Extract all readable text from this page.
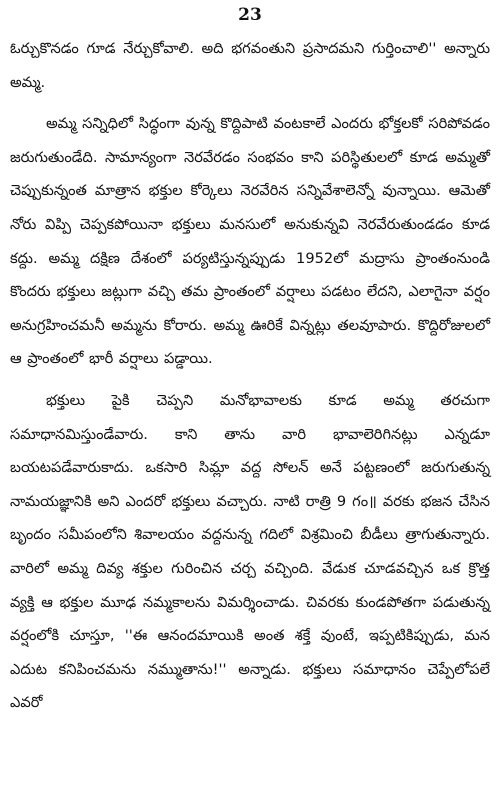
23

ఓర్చుకొనడం గూడ నేర్చుకోవాలి. అది భగవంతుని ప్రసాదమని గుర్తించాలి'' అన్నారు అమ్మ.

అమ్మ సన్నిధిలో సిద్ధంగా వున్న కొద్దిపాటి వంటకాలే ఎందరు భోక్తలకో సరిపోవడం జరుగుతుండేది. సామాన్యంగా నెరవేరడం సంభవం కాని పరిస్థితులలో కూడ అమ్మతో చెప్పుకున్నంత మాత్రాన భక్తుల కోర్కెలు నెరవేరిన సన్నివేశాలెన్నో వున్నాయి. ఆమెతో నోరు విప్పి చెప్పకపోయినా భక్తులు మనసులో అనుకున్నవి నెరవేరుతుండడం కూడ కద్దు. అమ్మ దక్షిణ దేశంలో పర్యటిస్తున్నప్పుడు 1952లో మద్రాసు ప్రాంతంనుండి కొందరు భక్తులు జట్లుగా వచ్చి తమ ప్రాంతంలో వర్షాలు పడటం లేదని, ఎలాగైనా వర్షం అనుగ్రహించమనీ అమ్మను కోరారు. అమ్మ ఊరికే విన్నట్లు తలవూపారు. కొద్దిరోజులలో ఆ ప్రాంతంలో భారీ వర్షాలు పడ్డాయి.

భక్తులు పైకి చెప్పని మనోభావాలకు కూడ అమ్మ తరచుగా సమాధానమిస్తుండేవారు. కాని తాను వారి భావాలెరిగినట్లు ఎన్నడూ బయటపడేవారుకాదు. ఒకసారి సిమ్లా వద్ద సోలన్ అనే పట్టణంలో జరుగుతున్న నామయజ్ఞానికి అని ఎందరో భక్తులు వచ్చారు. నాటి రాత్రి 9 గం॥ వరకు భజన చేసిన బృందం సమీపంలోని శివాలయం వద్దనున్న గదిలో విశ్రమించి బీడీలు త్రాగుతున్నారు. వారిలో అమ్మ దివ్య శక్తుల గురించిన చర్చ వచ్చింది. వేడుక చూడవచ్చిన ఒక క్రొత్త వ్యక్తి ఆ భక్తుల మూఢ నమ్మకాలను విమర్శించాడు. చివరకు కుండపోతగా పడుతున్న వర్షంలోకి చూస్తూ, ''ఈ ఆనందమాయికి అంత శక్తే వుంటే, ఇప్పటికిప్పుడు, మన ఎదుట కనిపించమను నమ్ముతాను!'' అన్నాడు. భక్తులు సమాధానం చెప్పేలోపలే ఎవరో
